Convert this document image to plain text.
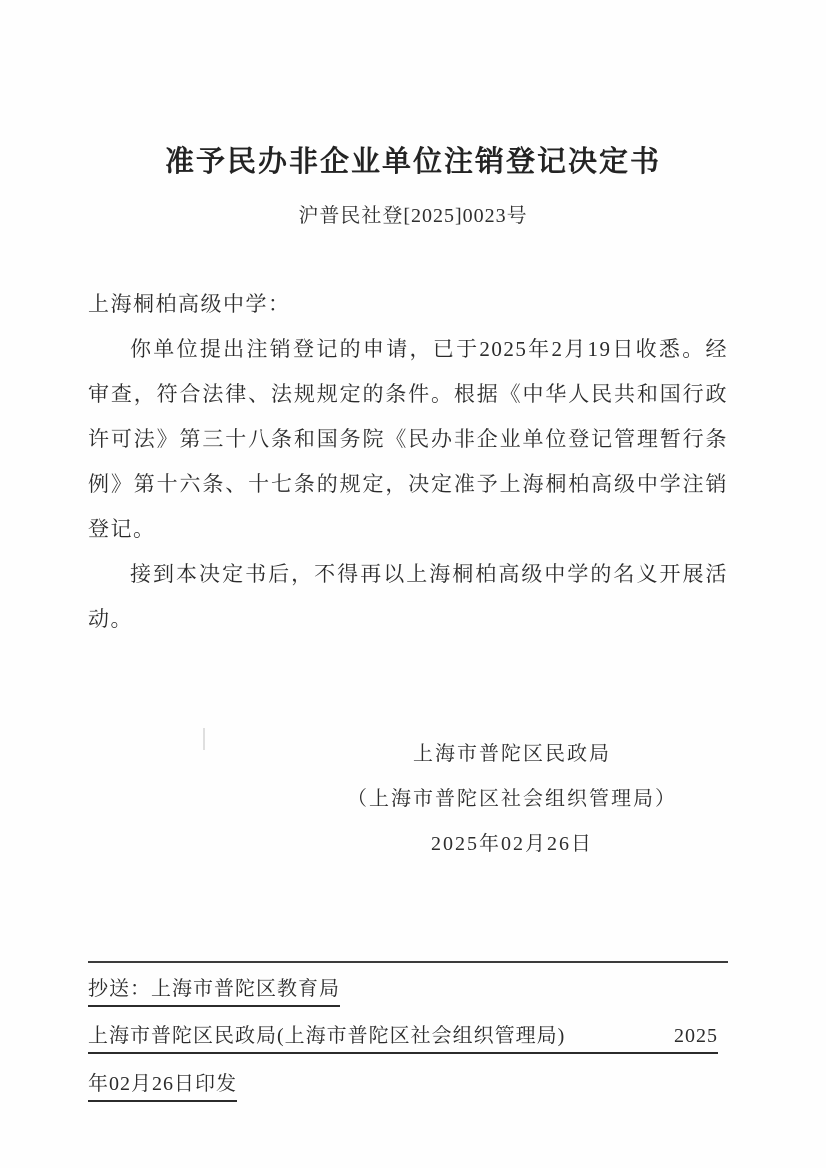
准予民办非企业单位注销登记决定书
沪普民社登[2025]0023号

上海桐柏高级中学：

你单位提出注销登记的申请，已于2025年2月19日收悉。经审查，符合法律、法规规定的条件。根据《中华人民共和国行政许可法》第三十八条和国务院《民办非企业单位登记管理暂行条例》第十六条、十七条的规定，决定准予上海桐柏高级中学注销登记。

接到本决定书后，不得再以上海桐柏高级中学的名义开展活动。

上海市普陀区民政局
（上海市普陀区社会组织管理局）
2025年02月26日
抄送：上海市普陀区教育局
上海市普陀区民政局(上海市普陀区社会组织管理局)	2025
年02月26日印发
